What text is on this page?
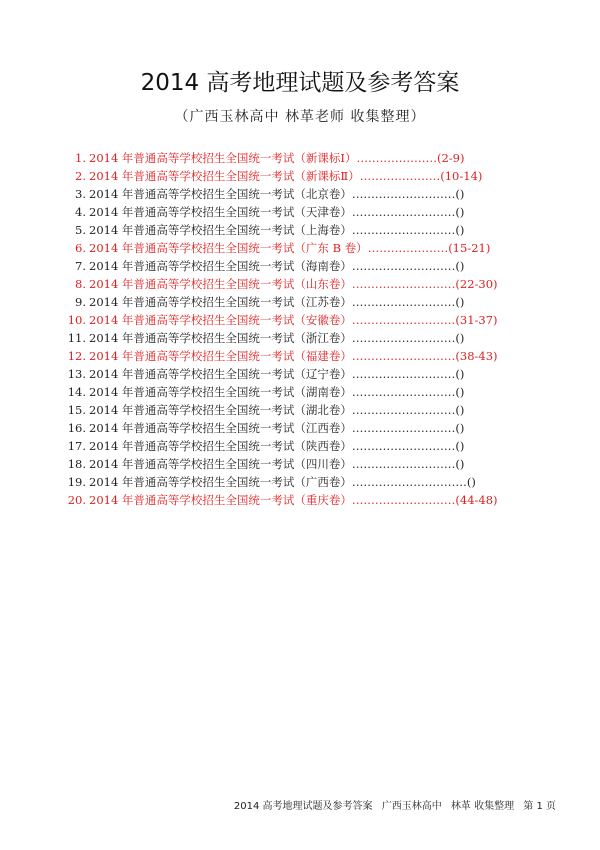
2014 高考地理试题及参考答案
（广西玉林高中 林革老师 收集整理）
1. 2014 年普通高等学校招生全国统一考试 （新课标Ⅰ） ………………… (2-9)
2. 2014 年普通高等学校招生全国统一考试 （新课标Ⅱ） ………………… (10-14)
3. 2014 年普通高等学校招生全国统一考试 （北京卷） ……………………… ()
4. 2014 年普通高等学校招生全国统一考试 （天津卷） ……………………… ()
5. 2014 年普通高等学校招生全国统一考试 （上海卷） ……………………… ()
6. 2014 年普通高等学校招生全国统一考试 （广东 B 卷） ………………… (15-21)
7. 2014 年普通高等学校招生全国统一考试 （海南卷） ……………………… ()
8. 2014 年普通高等学校招生全国统一考试 （山东卷） ……………………… (22-30)
9. 2014 年普通高等学校招生全国统一考试 （江苏卷） ……………………… ()
10. 2014 年普通高等学校招生全国统一考试 （安徽卷） ……………………… (31-37)
11. 2014 年普通高等学校招生全国统一考试 （浙江卷） ……………………… ()
12. 2014 年普通高等学校招生全国统一考试 （福建卷） ……………………… (38-43)
13. 2014 年普通高等学校招生全国统一考试 （辽宁卷） ……………………… ()
14. 2014 年普通高等学校招生全国统一考试 （湖南卷） ……………………… ()
15. 2014 年普通高等学校招生全国统一考试 （湖北卷） ……………………… ()
16. 2014 年普通高等学校招生全国统一考试 （江西卷） ……………………… ()
17. 2014 年普通高等学校招生全国统一考试 （陕西卷） ……………………… ()
18. 2014 年普通高等学校招生全国统一考试 （四川卷） ……………………… ()
19. 2014 年普通高等学校招生全国统一考试 （广西卷） ………………………… ()
20. 2014 年普通高等学校招生全国统一考试 （重庆卷） ……………………… (44-48)
2014 高考地理试题及参考答案 广西玉林高中 林革 收集整理 第 1 页
